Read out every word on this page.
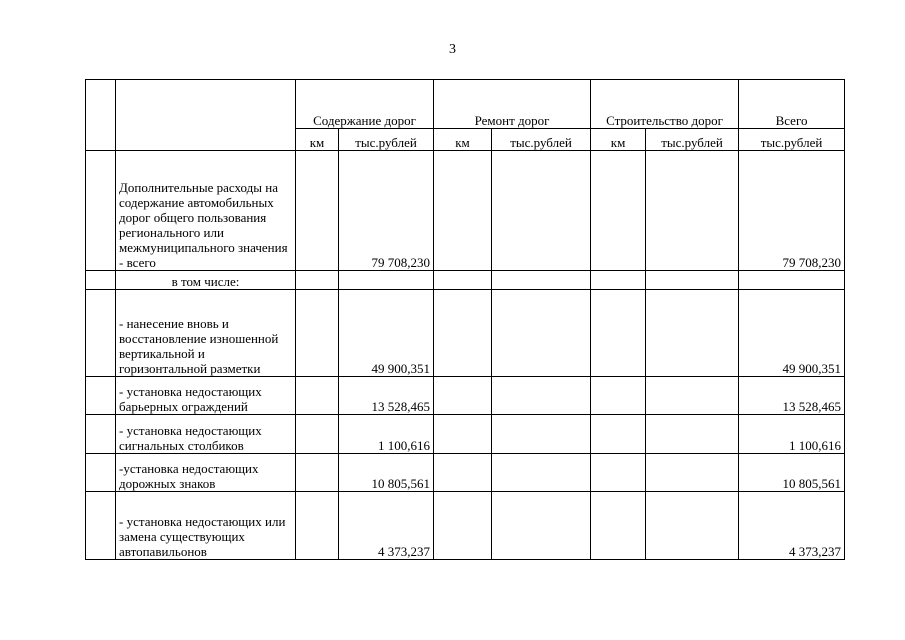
3
		Содержание дорог		Ремонт дорог		Строительство дорог		Всего
		км	тыс.рублей	км	тыс.рублей	км	тыс.рублей	тыс.рублей
	Дополнительные расходы на содержание автомобильных дорог общего пользования регионального или межмуниципального значения - всего		79 708,230					79 708,230
	в том числе:							
	- нанесение вновь и восстановление изношенной вертикальной и горизонтальной разметки		49 900,351					49 900,351
	- установка недостающих барьерных ограждений		13 528,465					13 528,465
	- установка недостающих сигнальных столбиков		1 100,616					1 100,616
	-установка недостающих дорожных знаков		10 805,561					10 805,561
	- установка недостающих или замена существующих автопавильонов		4 373,237					4 373,237
